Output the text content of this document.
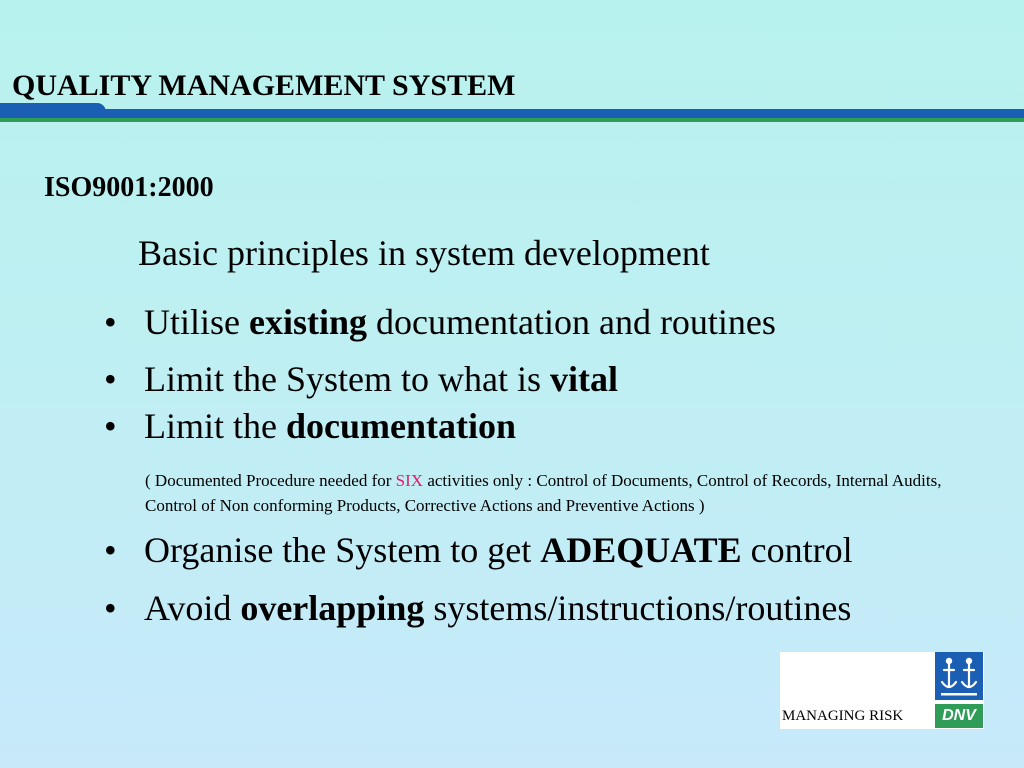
QUALITY MANAGEMENT SYSTEM
ISO9001:2000
Basic principles in system development
• Utilise existing documentation and routines
• Limit the System to what is vital
• Limit the documentation
( Documented Procedure needed for SIX activities only : Control of Documents, Control of Records, Internal Audits, Control of Non conforming Products, Corrective Actions and Preventive Actions )
• Organise the System to get ADEQUATE control
• Avoid overlapping systems/instructions/routines
MANAGING RISK DNV
